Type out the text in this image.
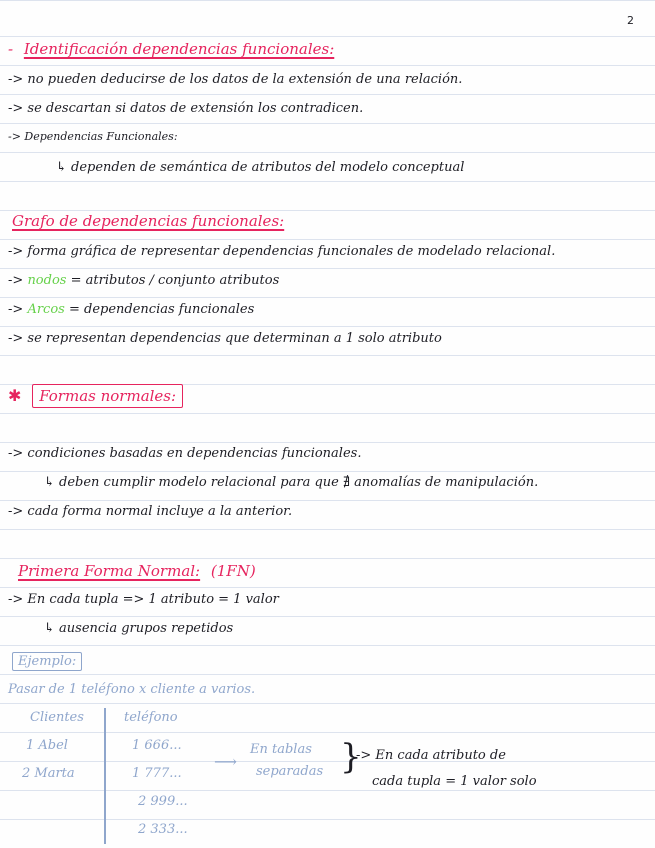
2
- Identificación dependencias funcionales:
-> no pueden deducirse de los datos de la extensión de una relación.
-> se descartan si datos de extensión los contradicen.
-> Dependencias Funcionales:
↳ dependen de semántica de atributos del modelo conceptual
Grafo de dependencias funcionales:
-> forma gráfica de representar dependencias funcionales de modelado relacional.
-> nodos = atributos / conjunto atributos
-> Arcos = dependencias funcionales
-> se representan dependencias que determinan a 1 solo atributo
✱ Formas normales:
-> condiciones basadas en dependencias funcionales.
↳ deben cumplir modelo relacional para que ∄ anomalías de manipulación.
-> cada forma normal incluye a la anterior.
Primera Forma Normal: (1FN)
-> En cada tupla => 1 atributo = 1 valor
↳ ausencia grupos repetidos
Ejemplo:
Pasar de 1 teléfono x cliente a varios.
Clientes	teléfono
1 Abel
2 Marta
1 666...
1 777...
2 999...
2 333...
⟶
En tablas
separadas }
-> En cada atributo de
cada tupla = 1 valor solo
